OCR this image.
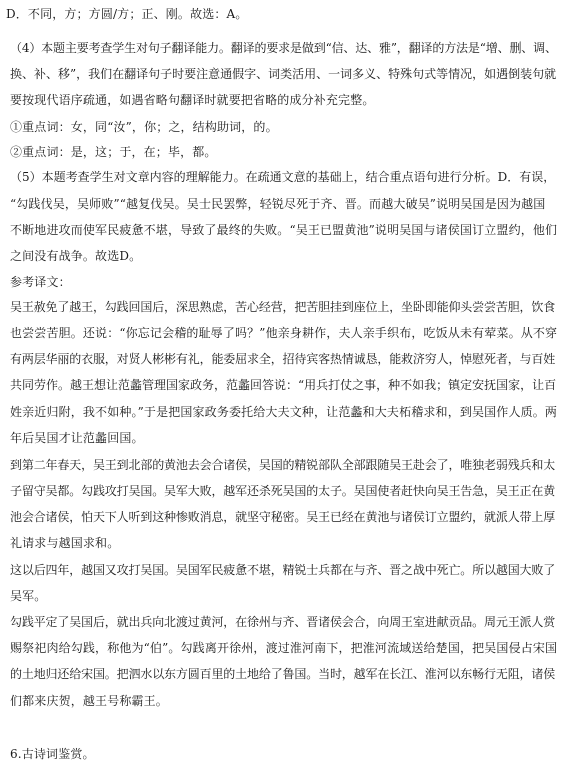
D．不同，方；方圆/方；正、刚。故选：A。
（4）本题主要考查学生对句子翻译能力。翻译的要求是做到“信、达、雅”，翻译的方法是“增、删、调、
换、补、移”，我们在翻译句子时要注意通假字、词类活用、一词多义、特殊句式等情况，如遇倒装句就
要按现代语序疏通，如遇省略句翻译时就要把省略的成分补充完整。
①重点词：女，同“汝”，你；之，结构助词，的。
②重点词：是，这；于，在；毕，都。
（5）本题考查学生对文章内容的理解能力。在疏通文意的基础上，结合重点语句进行分析。D．有误，
“勾践伐吴，吴师败”“越复伐吴。吴士民罢弊，轻锐尽死于齐、晋。而越大破吴”说明吴国是因为越国
不断地进攻而使军民疲惫不堪，导致了最终的失败。“吴王已盟黄池”说明吴国与诸侯国订立盟约，他们
之间没有战争。故选D。
参考译文：
吴王赦免了越王，勾践回国后，深思熟虑，苦心经营，把苦胆挂到座位上，坐卧即能仰头尝尝苦胆，饮食
也尝尝苦胆。还说：“你忘记会稽的耻辱了吗？”他亲身耕作，夫人亲手织布，吃饭从未有荤菜。从不穿
有两层华丽的衣服，对贤人彬彬有礼，能委屈求全，招待宾客热情诚恳，能救济穷人，悼慰死者，与百姓
共同劳作。越王想让范蠡管理国家政务，范蠡回答说：“用兵打仗之事，种不如我；镇定安抚国家，让百
姓亲近归附，我不如种。”于是把国家政务委托给大夫文种，让范蠡和大夫柘稽求和，到吴国作人质。两
年后吴国才让范蠡回国。
到第二年春天，吴王到北部的黄池去会合诸侯，吴国的精锐部队全部跟随吴王赴会了，唯独老弱残兵和太
子留守吴都。勾践攻打吴国。吴军大败，越军还杀死吴国的太子。吴国使者赶快向吴王告急，吴王正在黄
池会合诸侯，怕天下人听到这种惨败消息，就坚守秘密。吴王已经在黄池与诸侯订立盟约，就派人带上厚
礼请求与越国求和。
这以后四年，越国又攻打吴国。吴国军民疲惫不堪，精锐士兵都在与齐、晋之战中死亡。所以越国大败了
吴军。
勾践平定了吴国后，就出兵向北渡过黄河，在徐州与齐、晋诸侯会合，向周王室进献贡品。周元王派人赏
赐祭祀肉给勾践，称他为“伯”。勾践离开徐州，渡过淮河南下，把淮河流域送给楚国，把吴国侵占宋国
的土地归还给宋国。把泗水以东方圆百里的土地给了鲁国。当时，越军在长江、淮河以东畅行无阻，诸侯
们都来庆贺，越王号称霸王。
6.古诗词鉴赏。
